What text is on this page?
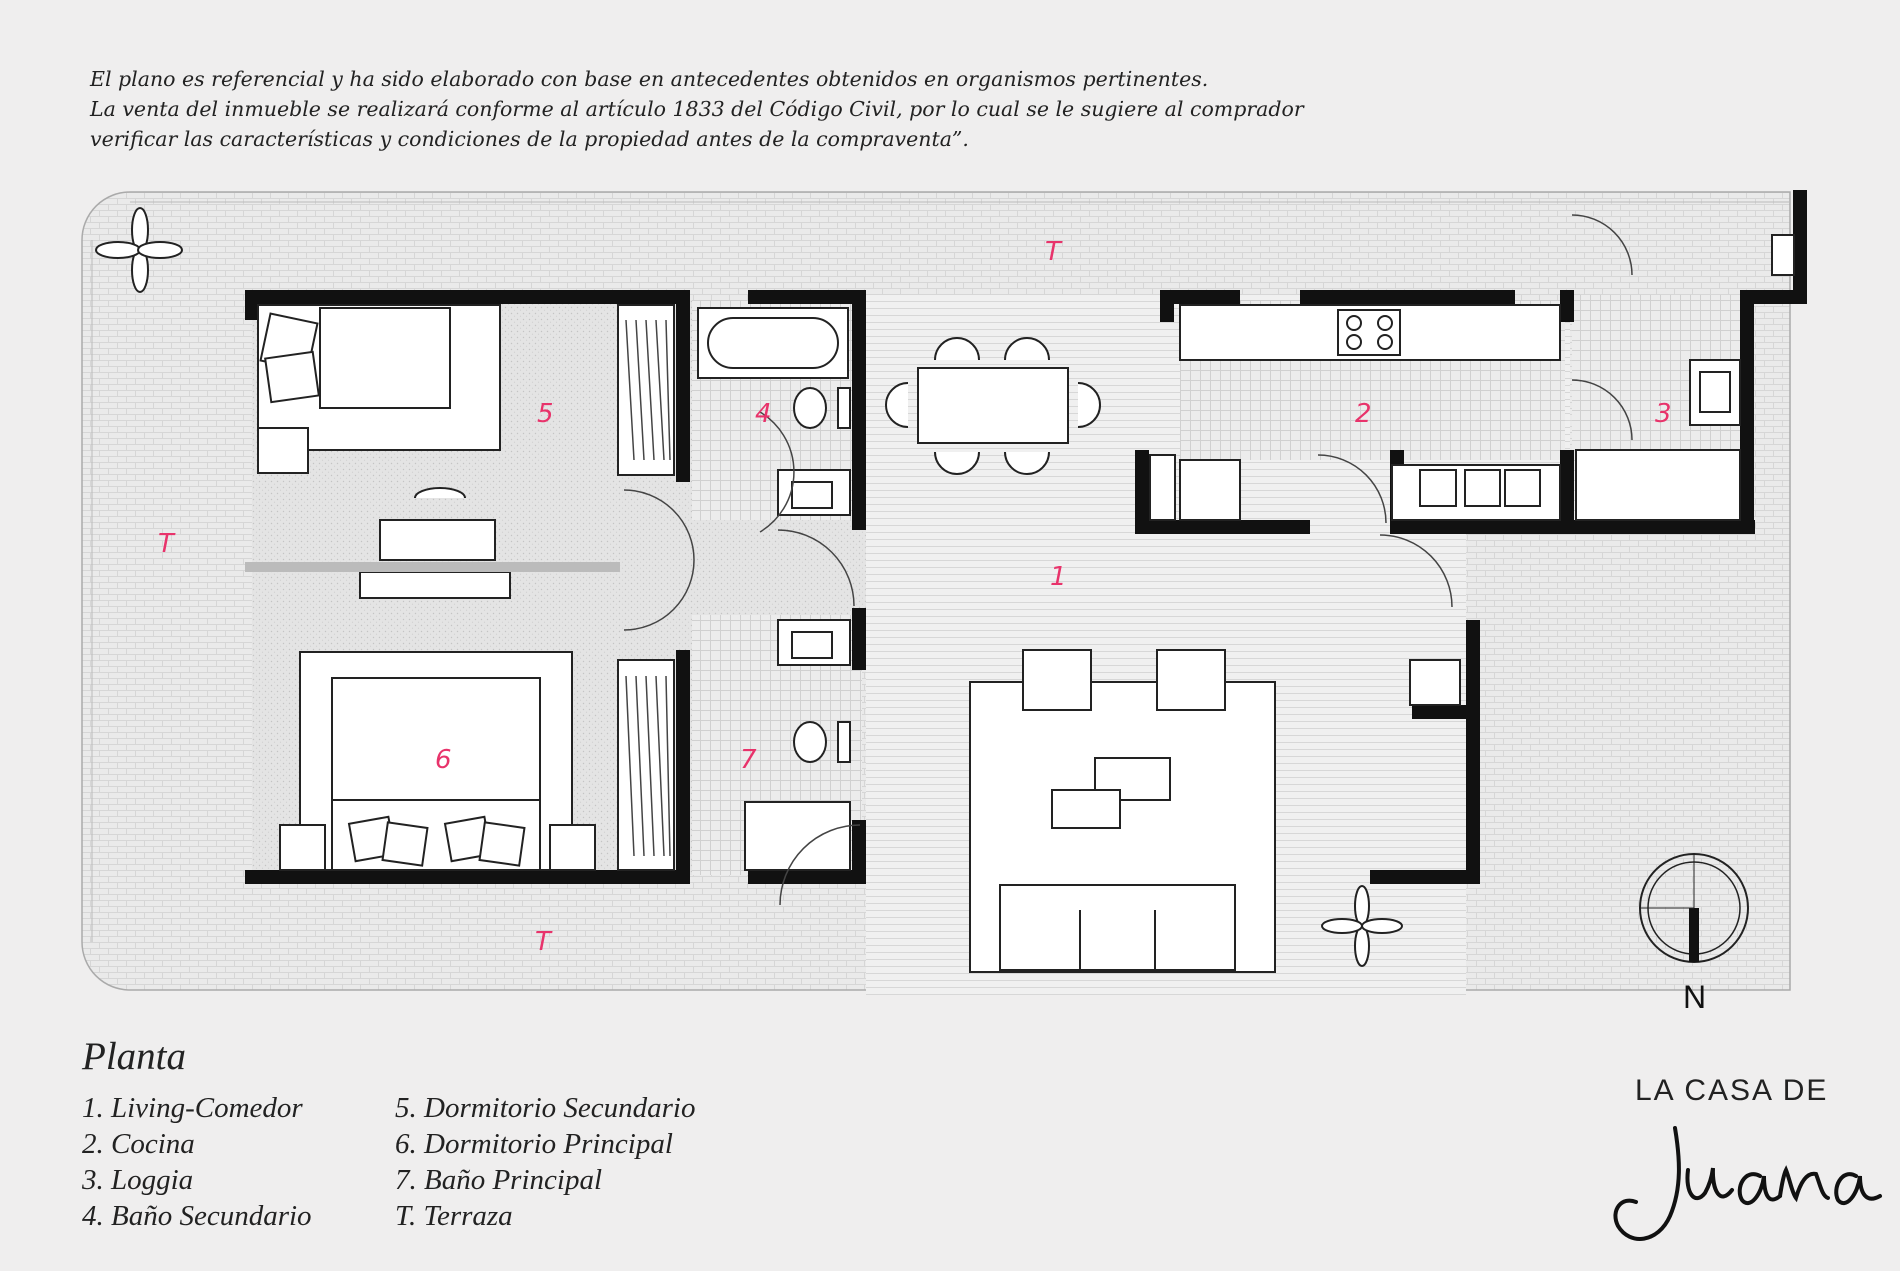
El plano es referencial y ha sido elaborado con base en antecedentes obtenidos en organismos pertinentes.
La venta del inmueble se realizará conforme al artículo 1833 del Código Civil, por lo cual se le sugiere al comprador
verificar las características y condiciones de la propiedad antes de la compraventa”.
1
2	3
4
5
6	7
T
T
T
N
Planta
1. Living-Comedor
2. Cocina
3. Loggia
4. Baño Secundario
5. Dormitorio Secundario
6. Dormitorio Principal
7. Baño Principal
T. Terraza
LA CASA DE
